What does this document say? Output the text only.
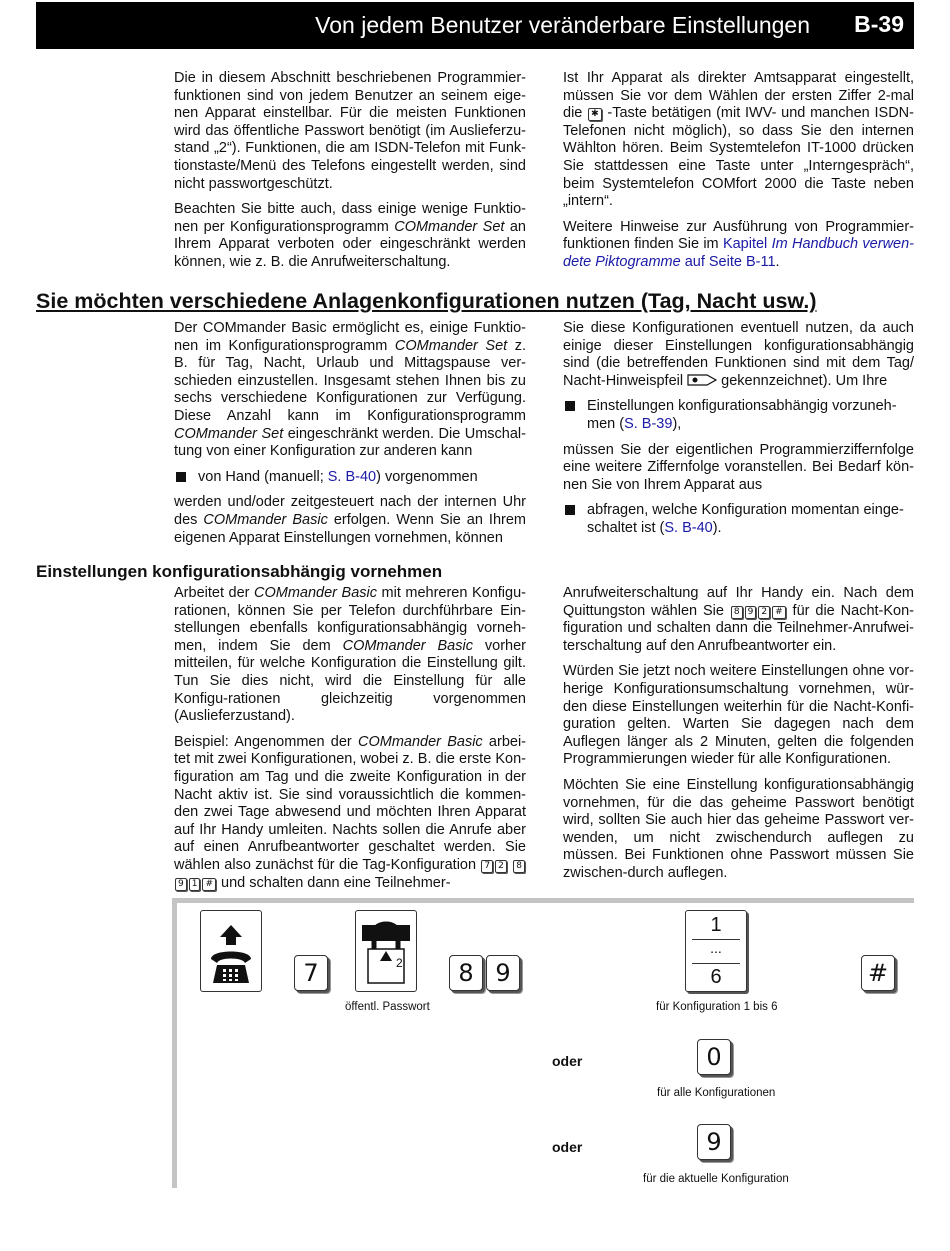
Von jedem Benutzer veränderbare Einstellungen B-39

Die in diesem Abschnitt beschriebenen Programmier-funktionen sind von jedem Benutzer an seinem eige-nen Apparat einstellbar. Für die meisten Funktionen wird das öffentliche Passwort benötigt (im Auslieferzu-stand „2“). Funktionen, die am ISDN-Telefon mit Funk-tionstaste/Menü des Telefons eingestellt werden, sind nicht passwortgeschützt.

Beachten Sie bitte auch, dass einige wenige Funktio-nen per Konfigurationsprogramm COMmander Set an Ihrem Apparat verboten oder eingeschränkt werden können, wie z. B. die Anrufweiterschaltung.

Ist Ihr Apparat als direkter Amtsapparat eingestellt, müssen Sie vor dem Wählen der ersten Ziffer 2-mal die ✱ -Taste betätigen (mit IWV- und manchen ISDN-Telefonen nicht möglich), so dass Sie den internen Wählton hören. Beim Systemtelefon IT-1000 drücken Sie stattdessen eine Taste unter „Interngespräch“, beim Systemtelefon COMfort 2000 die Taste neben „intern“.

Weitere Hinweise zur Ausführung von Programmier-funktionen finden Sie im Kapitel Im Handbuch verwen-dete Piktogramme auf Seite B-11.

Sie möchten verschiedene Anlagenkonfigurationen nutzen (Tag, Nacht usw.)

Der COMmander Basic ermöglicht es, einige Funktio-nen im Konfigurationsprogramm COMmander Set z. B. für Tag, Nacht, Urlaub und Mittagspause ver-schieden einzustellen. Insgesamt stehen Ihnen bis zu sechs verschiedene Konfigurationen zur Verfügung. Diese Anzahl kann im Konfigurationsprogramm COMmander Set eingeschränkt werden. Die Umschal-tung von einer Konfiguration zur anderen kann

von Hand (manuell; S. B-40) vorgenommen

werden und/oder zeitgesteuert nach der internen Uhr des COMmander Basic erfolgen. Wenn Sie an Ihrem eigenen Apparat Einstellungen vornehmen, können

Sie diese Konfigurationen eventuell nutzen, da auch einige dieser Einstellungen konfigurationsabhängig sind (die betreffenden Funktionen sind mit dem Tag/ Nacht-Hinweispfeil  gekennzeichnet). Um Ihre

Einstellungen konfigurationsabhängig vorzuneh-men (S. B-39),

müssen Sie der eigentlichen Programmierziffernfolge eine weitere Ziffernfolge voranstellen. Bei Bedarf kön-nen Sie von Ihrem Apparat aus

abfragen, welche Konfiguration momentan einge-schaltet ist (S. B-40).
Einstellungen konfigurationsabhängig vornehmen

Arbeitet der COMmander Basic mit mehreren Konfigu-rationen, können Sie per Telefon durchführbare Ein-stellungen ebenfalls konfigurationsabhängig vorneh-men, indem Sie dem COMmander Basic vorher mitteilen, für welche Konfiguration die Einstellung gilt. Tun Sie dies nicht, wird die Einstellung für alle Konfigu-rationen gleichzeitig vorgenommen (Auslieferzustand).

Beispiel: Angenommen der COMmander Basic arbei-tet mit zwei Konfigurationen, wobei z. B. die erste Kon-figuration am Tag und die zweite Konfiguration in der Nacht aktiv ist. Sie sind voraussichtlich die kommen-den zwei Tage abwesend und möchten Ihren Apparat auf Ihr Handy umleiten. Nachts sollen die Anrufe aber auf einen Anrufbeantworter geschaltet werden. Sie wählen also zunächst für die Tag-Konfiguration 7 2 89 1 # und schalten dann eine Teilnehmer-

Anrufweiterschaltung auf Ihr Handy ein. Nach dem Quittungston wählen Sie 8 9 2 # für die Nacht-Kon-figuration und schalten dann die Teilnehmer-Anrufwei-terschaltung auf den Anrufbeantworter ein.

Würden Sie jetzt noch weitere Einstellungen ohne vor-herige Konfigurationsumschaltung vornehmen, wür-den diese Einstellungen weiterhin für die Nacht-Konfi-guration gelten. Warten Sie dagegen nach dem Auflegen länger als 2 Minuten, gelten die folgenden Programmierungen wieder für alle Konfigurationen.

Möchten Sie eine Einstellung konfigurationsabhängig vornehmen, für die das geheime Passwort benötigt wird, sollten Sie auch hier das geheime Passwort ver-wenden, um nicht zwischendurch auflegen zu müssen. Bei Funktionen ohne Passwort müssen Sie zwischen-durch auflegen.

7	2
öffentl. Passwort
8 9
1
...
6
für Konfiguration 1 bis 6
#
oder	0
für alle Konfigurationen
oder	9
für die aktuelle Konfiguration
